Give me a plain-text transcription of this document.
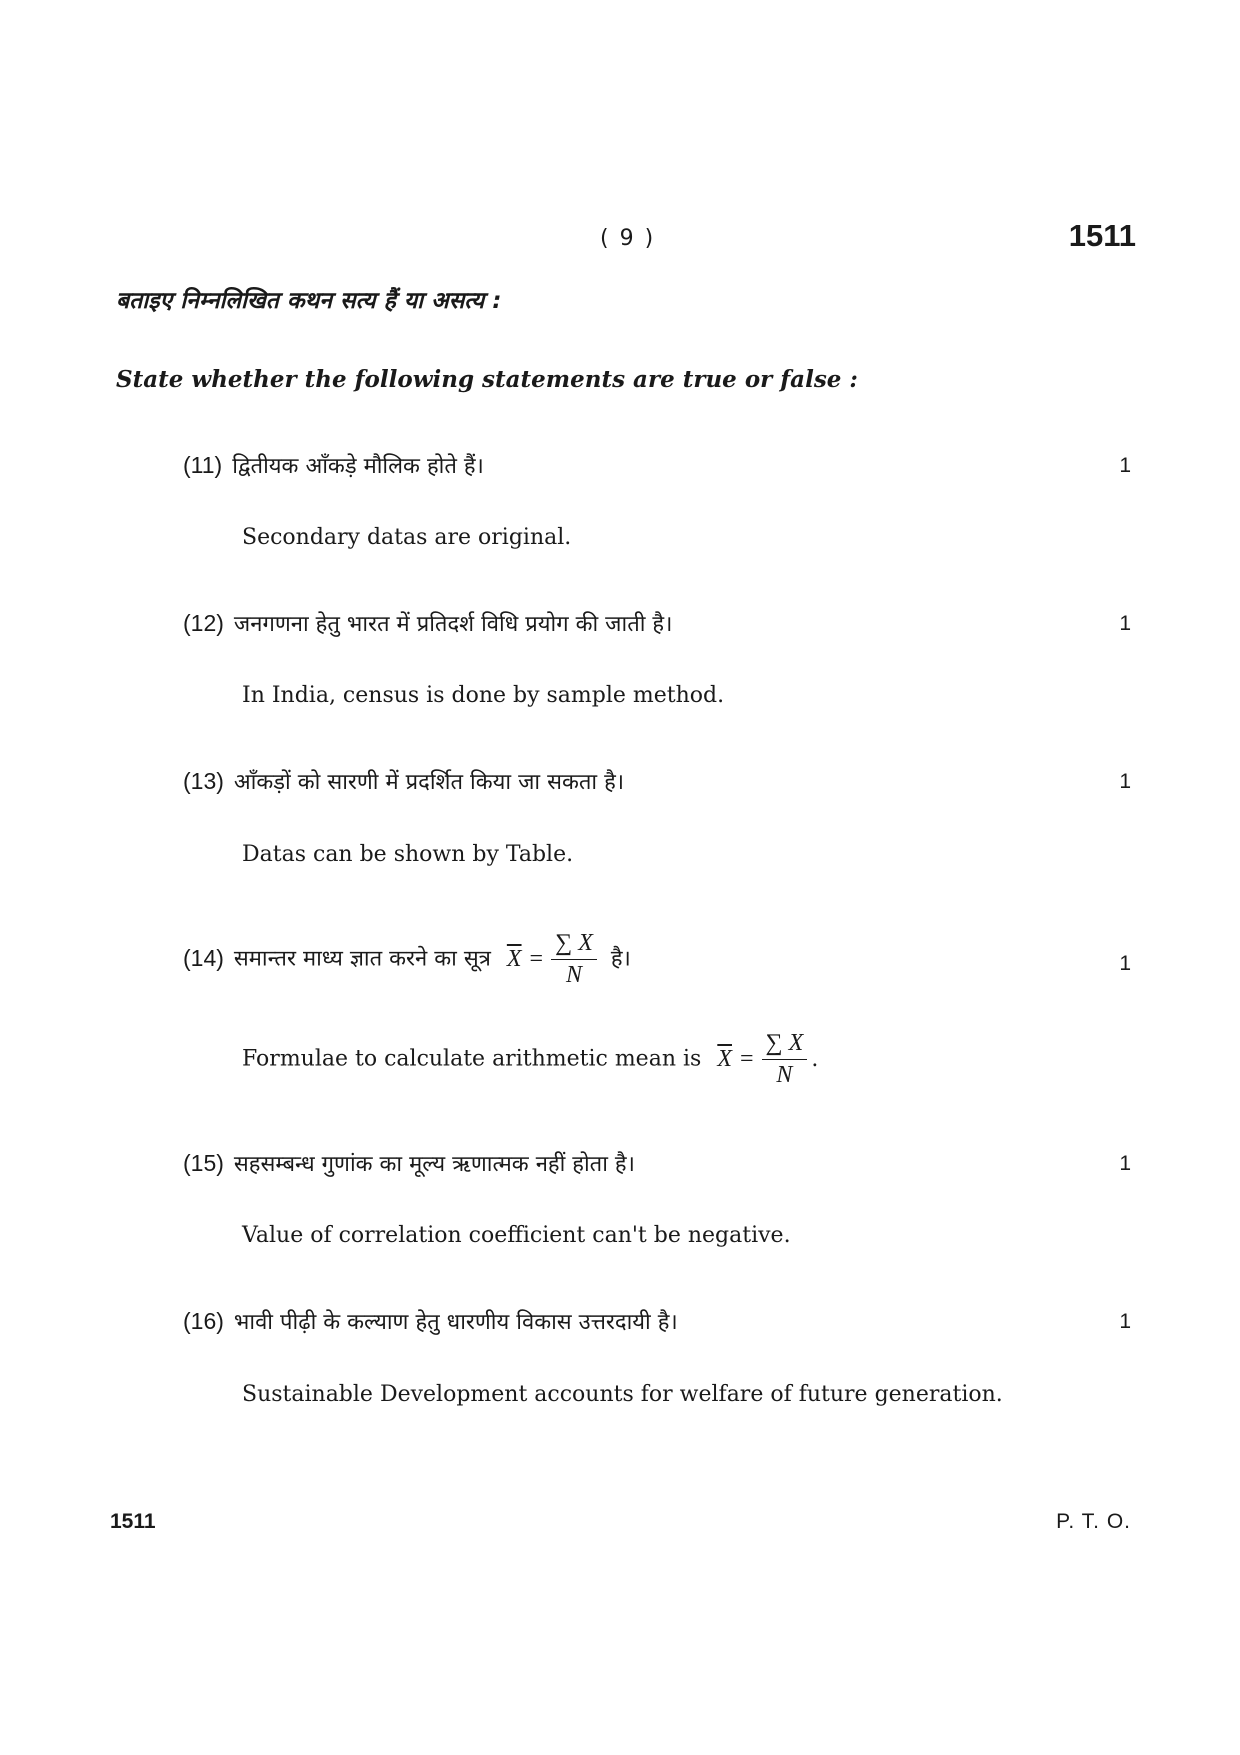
( 9 )	1511
बताइए निम्नलिखित कथन सत्य हैं या असत्य :
State whether the following statements are true or false :
(11) द्वितीयक आँकड़े मौलिक होते हैं।	1
Secondary datas are original.
(12) जनगणना हेतु भारत में प्रतिदर्श विधि प्रयोग की जाती है।	1
In India, census is done by sample method.
(13) आँकड़ों को सारणी में प्रदर्शित किया जा सकता है।	1
Datas can be shown by Table.
(14) समान्तर माध्य ज्ञात करने का सूत्र $\overline{X} = \frac{\sum X}{N}$ है।	1
Formulae to calculate arithmetic mean is $\overline{X} = \frac{\sum X}{N}$ .
(15) सहसम्बन्ध गुणांक का मूल्य ऋणात्मक नहीं होता है।	1
Value of correlation coefficient can't be negative.
(16) भावी पीढ़ी के कल्याण हेतु धारणीय विकास उत्तरदायी है।	1
Sustainable Development accounts for welfare of future generation.
1511	P. T. O.
